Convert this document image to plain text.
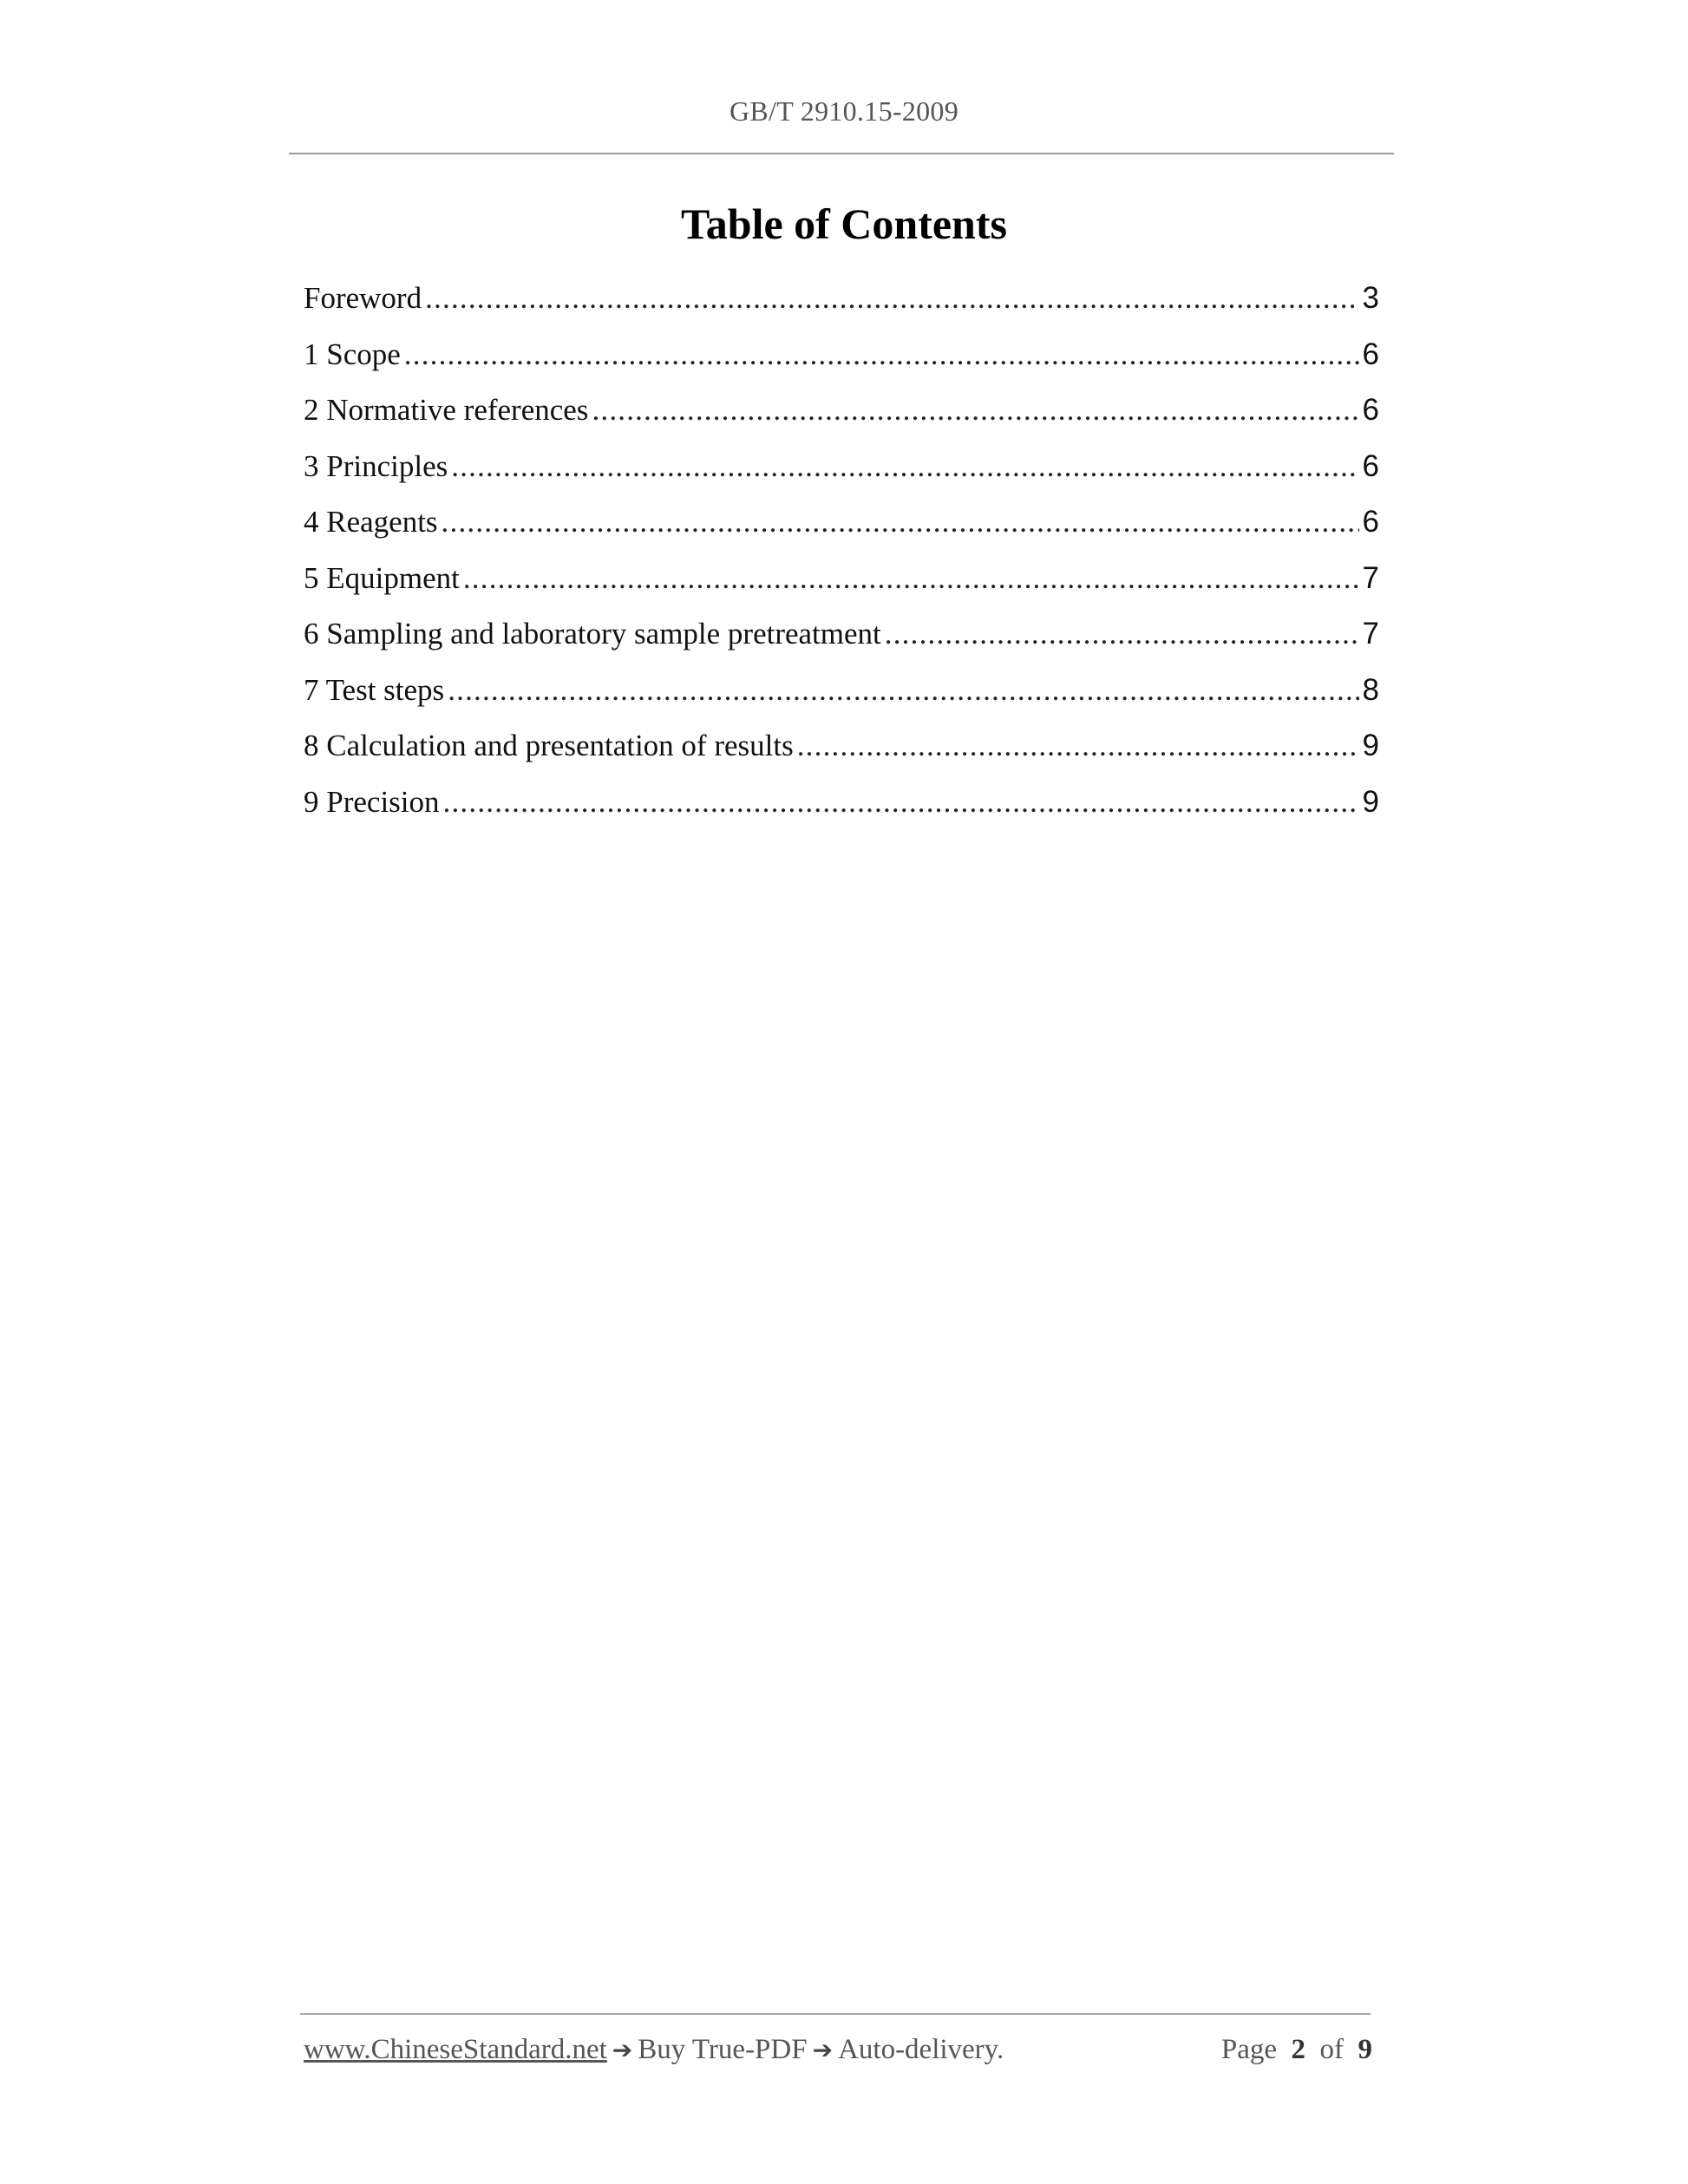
GB/T 2910.15-2009
Table of Contents
Foreword .....	3
1 Scope .....	6
2 Normative references .....	6
3 Principles .....	6
4 Reagents .....	6
5 Equipment .....	7
6 Sampling and laboratory sample pretreatment .....	7
7 Test steps .....	8
8 Calculation and presentation of results .....	9
9 Precision .....	9
www.ChineseStandard.net ➔ Buy True-PDF ➔ Auto-delivery.	Page 2 of 9
